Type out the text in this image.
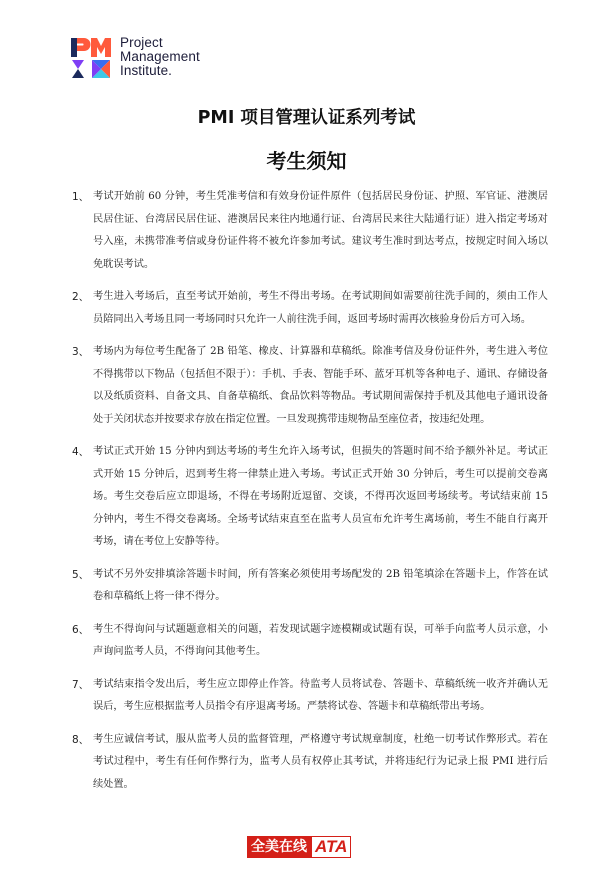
Project
Management
Institute.
PMI 项目管理认证系列考试
考生须知
1、 考试开始前 60 分钟，考生凭准考信和有效身份证件原件（包括居民身份证、护照、军官证、港澳居民居住证、台湾居民居住证、港澳居民来往内地通行证、台湾居民来往大陆通行证）进入指定考场对号入座，未携带准考信或身份证件将不被允许参加考试。建议考生准时到达考点，按规定时间入场以免耽误考试。
2、 考生进入考场后，直至考试开始前，考生不得出考场。在考试期间如需要前往洗手间的，须由工作人员陪同出入考场且同一考场同时只允许一人前往洗手间，返回考场时需再次核验身份后方可入场。
3、 考场内为每位考生配备了 2B 铅笔、橡皮、计算器和草稿纸。除准考信及身份证件外，考生进入考位不得携带以下物品（包括但不限于）：手机、手表、智能手环、蓝牙耳机等各种电子、通讯、存储设备以及纸质资料、自备文具、自备草稿纸、食品饮料等物品。考试期间需保持手机及其他电子通讯设备处于关闭状态并按要求存放在指定位置。一旦发现携带违规物品至座位者，按违纪处理。
4、 考试正式开始 15 分钟内到达考场的考生允许入场考试，但损失的答题时间不给予额外补足。考试正式开始 15 分钟后，迟到考生将一律禁止进入考场。考试正式开始 30 分钟后，考生可以提前交卷离场。考生交卷后应立即退场，不得在考场附近逗留、交谈，不得再次返回考场续考。考试结束前 15 分钟内，考生不得交卷离场。全场考试结束直至在监考人员宣布允许考生离场前，考生不能自行离开考场，请在考位上安静等待。
5、 考试不另外安排填涂答题卡时间，所有答案必须使用考场配发的 2B 铅笔填涂在答题卡上，作答在试卷和草稿纸上将一律不得分。
6、 考生不得询问与试题题意相关的问题，若发现试题字迹模糊或试题有误，可举手向监考人员示意，小声询问监考人员，不得询问其他考生。
7、 考试结束指令发出后，考生应立即停止作答。待监考人员将试卷、答题卡、草稿纸统一收齐并确认无误后，考生应根据监考人员指令有序退离考场。严禁将试卷、答题卡和草稿纸带出考场。
8、 考生应诚信考试，服从监考人员的监督管理，严格遵守考试规章制度，杜绝一切考试作弊形式。若在考试过程中，考生有任何作弊行为，监考人员有权停止其考试，并将违纪行为记录上报 PMI 进行后续处置。
全美在线 ATA
